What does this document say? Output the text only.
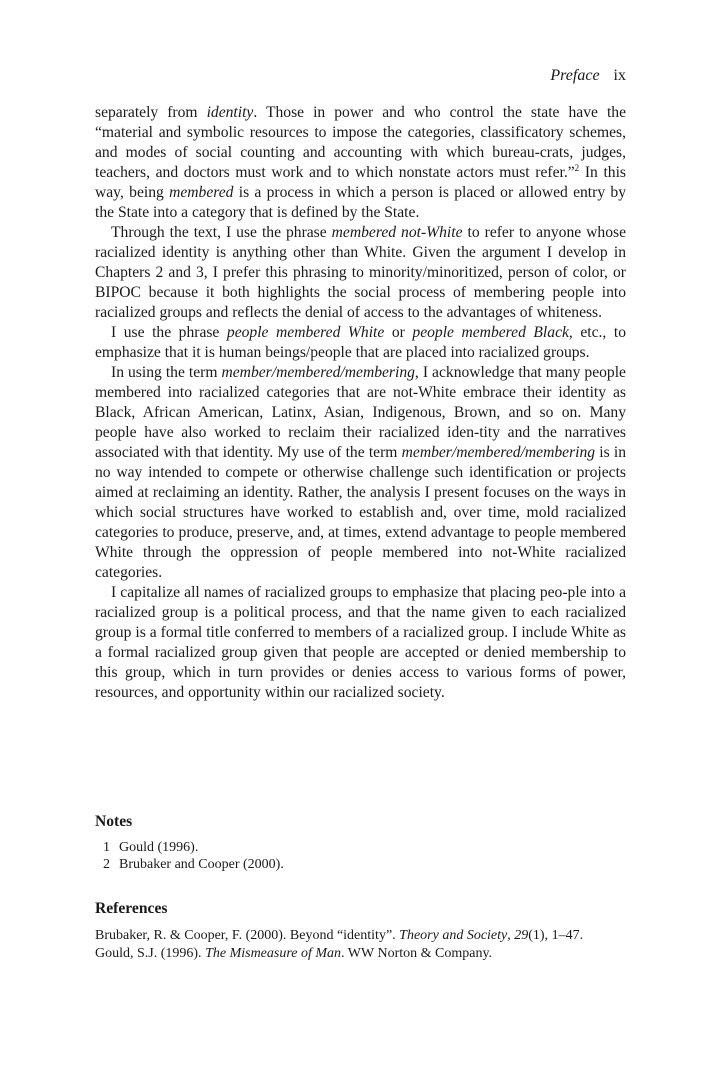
Preface ix

separately from identity. Those in power and who control the state have the “material and symbolic resources to impose the categories, classificatory schemes, and modes of social counting and accounting with which bureau-crats, judges, teachers, and doctors must work and to which nonstate actors must refer.”$^2$ In this way, being membered is a process in which a person is placed or allowed entry by the State into a category that is defined by the State.

Through the text, I use the phrase membered not-White to refer to anyone whose racialized identity is anything other than White. Given the argument I develop in Chapters 2 and 3, I prefer this phrasing to minority/minoritized, person of color, or BIPOC because it both highlights the social process of membering people into racialized groups and reflects the denial of access to the advantages of whiteness.

I use the phrase people membered White or people membered Black, etc., to emphasize that it is human beings/people that are placed into racialized groups.

In using the term member/membered/membering, I acknowledge that many people membered into racialized categories that are not-White embrace their identity as Black, African American, Latinx, Asian, Indigenous, Brown, and so on. Many people have also worked to reclaim their racialized iden-tity and the narratives associated with that identity. My use of the term member/membered/membering is in no way intended to compete or otherwise challenge such identification or projects aimed at reclaiming an identity. Rather, the analysis I present focuses on the ways in which social structures have worked to establish and, over time, mold racialized categories to produce, preserve, and, at times, extend advantage to people membered White through the oppression of people membered into not-White racialized categories.

I capitalize all names of racialized groups to emphasize that placing peo-ple into a racialized group is a political process, and that the name given to each racialized group is a formal title conferred to members of a racialized group. I include White as a formal racialized group given that people are accepted or denied membership to this group, which in turn provides or denies access to various forms of power, resources, and opportunity within our racialized society.

Notes
1 Gould (1996).
2 Brubaker and Cooper (2000).
References
Brubaker, R. & Cooper, F. (2000). Beyond “identity”. Theory and Society, 29(1), 1–47.
Gould, S.J. (1996). The Mismeasure of Man. WW Norton & Company.
